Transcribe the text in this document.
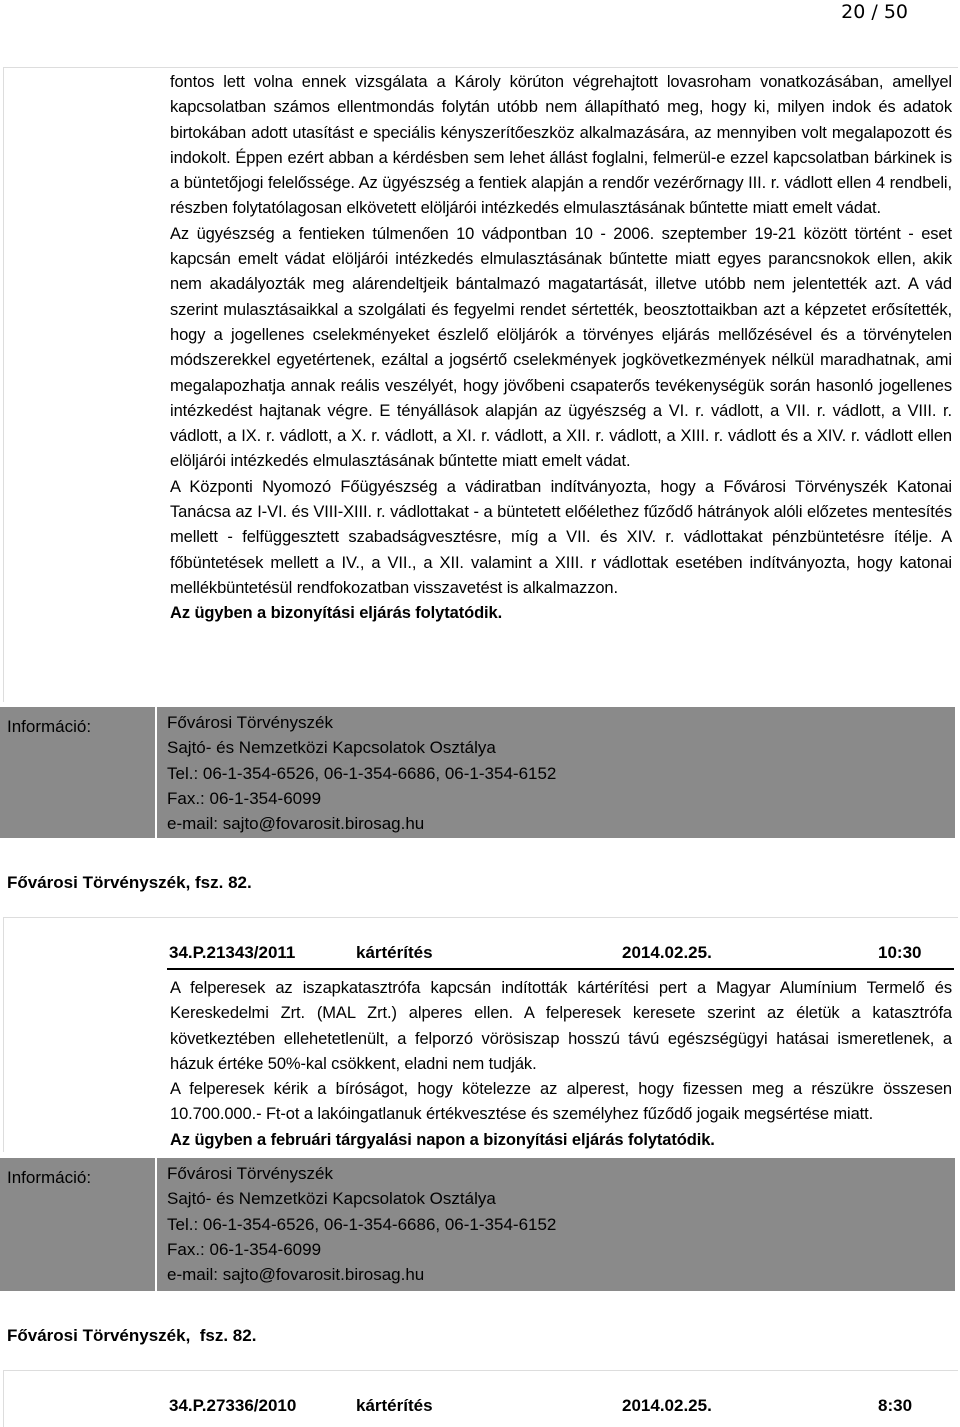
20 / 50

fontos lett volna ennek vizsgálata a Károly körúton végrehajtott lovasroham vonatkozásában, amellyel kapcsolatban számos ellentmondás folytán utóbb nem állapítható meg, hogy ki, milyen indok és adatok birtokában adott utasítást e speciális kényszerítőeszköz alkalmazására, az mennyiben volt megalapozott és indokolt. Éppen ezért abban a kérdésben sem lehet állást foglalni, felmerül-e ezzel kapcsolatban bárkinek is a büntetőjogi felelőssége. Az ügyészség a fentiek alapján a rendőr vezérőrnagy III. r. vádlott ellen 4 rendbeli, részben folytatólagosan elkövetett elöljárói intézkedés elmulasztásának bűntette miatt emelt vádat.

Az ügyészség a fentieken túlmenően 10 vádpontban 10 - 2006. szeptember 19-21 között történt - eset kapcsán emelt vádat elöljárói intézkedés elmulasztásának bűntette miatt egyes parancsnokok ellen, akik nem akadályozták meg alárendeltjeik bántalmazó magatartását, illetve utóbb nem jelentették azt. A vád szerint mulasztásaikkal a szolgálati és fegyelmi rendet sértették, beosztottaikban azt a képzetet erősítették, hogy a jogellenes cselekményeket észlelő elöljárók a törvényes eljárás mellőzésével és a törvénytelen módszerekkel egyetértenek, ezáltal a jogsértő cselekmények jogkövetkezmények nélkül maradhatnak, ami megalapozhatja annak reális veszélyét, hogy jövőbeni csapaterős tevékenységük során hasonló jogellenes intézkedést hajtanak végre. E tényállások alapján az ügyészség a VI. r. vádlott, a VII. r. vádlott, a VIII. r. vádlott, a IX. r. vádlott, a X. r. vádlott, a XI. r. vádlott, a XII. r. vádlott, a XIII. r. vádlott és a XIV. r. vádlott ellen elöljárói intézkedés elmulasztásának bűntette miatt emelt vádat.

A Központi Nyomozó Főügyészség a vádiratban indítványozta, hogy a Fővárosi Törvényszék Katonai Tanácsa az I-VI. és VIII-XIII. r. vádlottakat - a büntetett előélethez fűződő hátrányok alóli előzetes mentesítés mellett - felfüggesztett szabadságvesztésre, míg a VII. és XIV. r. vádlottakat pénzbüntetésre ítélje. A főbüntetések mellett a IV., a VII., a XII. valamint a XIII. r vádlottak esetében indítványozta, hogy katonai mellékbüntetésül rendfokozatban visszavetést is alkalmazzon.

Az ügyben a bizonyítási eljárás folytatódik.

Információ:	Fővárosi Törvényszék
Sajtó- és Nemzetközi Kapcsolatok Osztálya
Tel.: 06-1-354-6526, 06-1-354-6686, 06-1-354-6152
Fax.: 06-1-354-6099
e-mail: sajto@fovarosit.birosag.hu
Fővárosi Törvényszék, fsz. 82.
34.P.21343/2011	kártérítés	2014.02.25.	10:30

A felperesek az iszapkatasztrófa kapcsán indították kártérítési pert a Magyar Alumínium Termelő és Kereskedelmi Zrt. (MAL Zrt.) alperes ellen. A felperesek keresete szerint az életük a katasztrófa következtében ellehetetlenült, a felporzó vörösiszap hosszú távú egészségügyi hatásai ismeretlenek, a házuk értéke 50%-kal csökkent, eladni nem tudják.

A felperesek kérik a bíróságot, hogy kötelezze az alperest, hogy fizessen meg a részükre összesen 10.700.000.- Ft-ot a lakóingatlanuk értékvesztése és személyhez fűződő jogaik megsértése miatt.

Az ügyben a februári tárgyalási napon a bizonyítási eljárás folytatódik.

Információ:	Fővárosi Törvényszék
Sajtó- és Nemzetközi Kapcsolatok Osztálya
Tel.: 06-1-354-6526, 06-1-354-6686, 06-1-354-6152
Fax.: 06-1-354-6099
e-mail: sajto@fovarosit.birosag.hu
Fővárosi Törvényszék,  fsz. 82.
34.P.27336/2010	kártérítés	2014.02.25.	8:30
